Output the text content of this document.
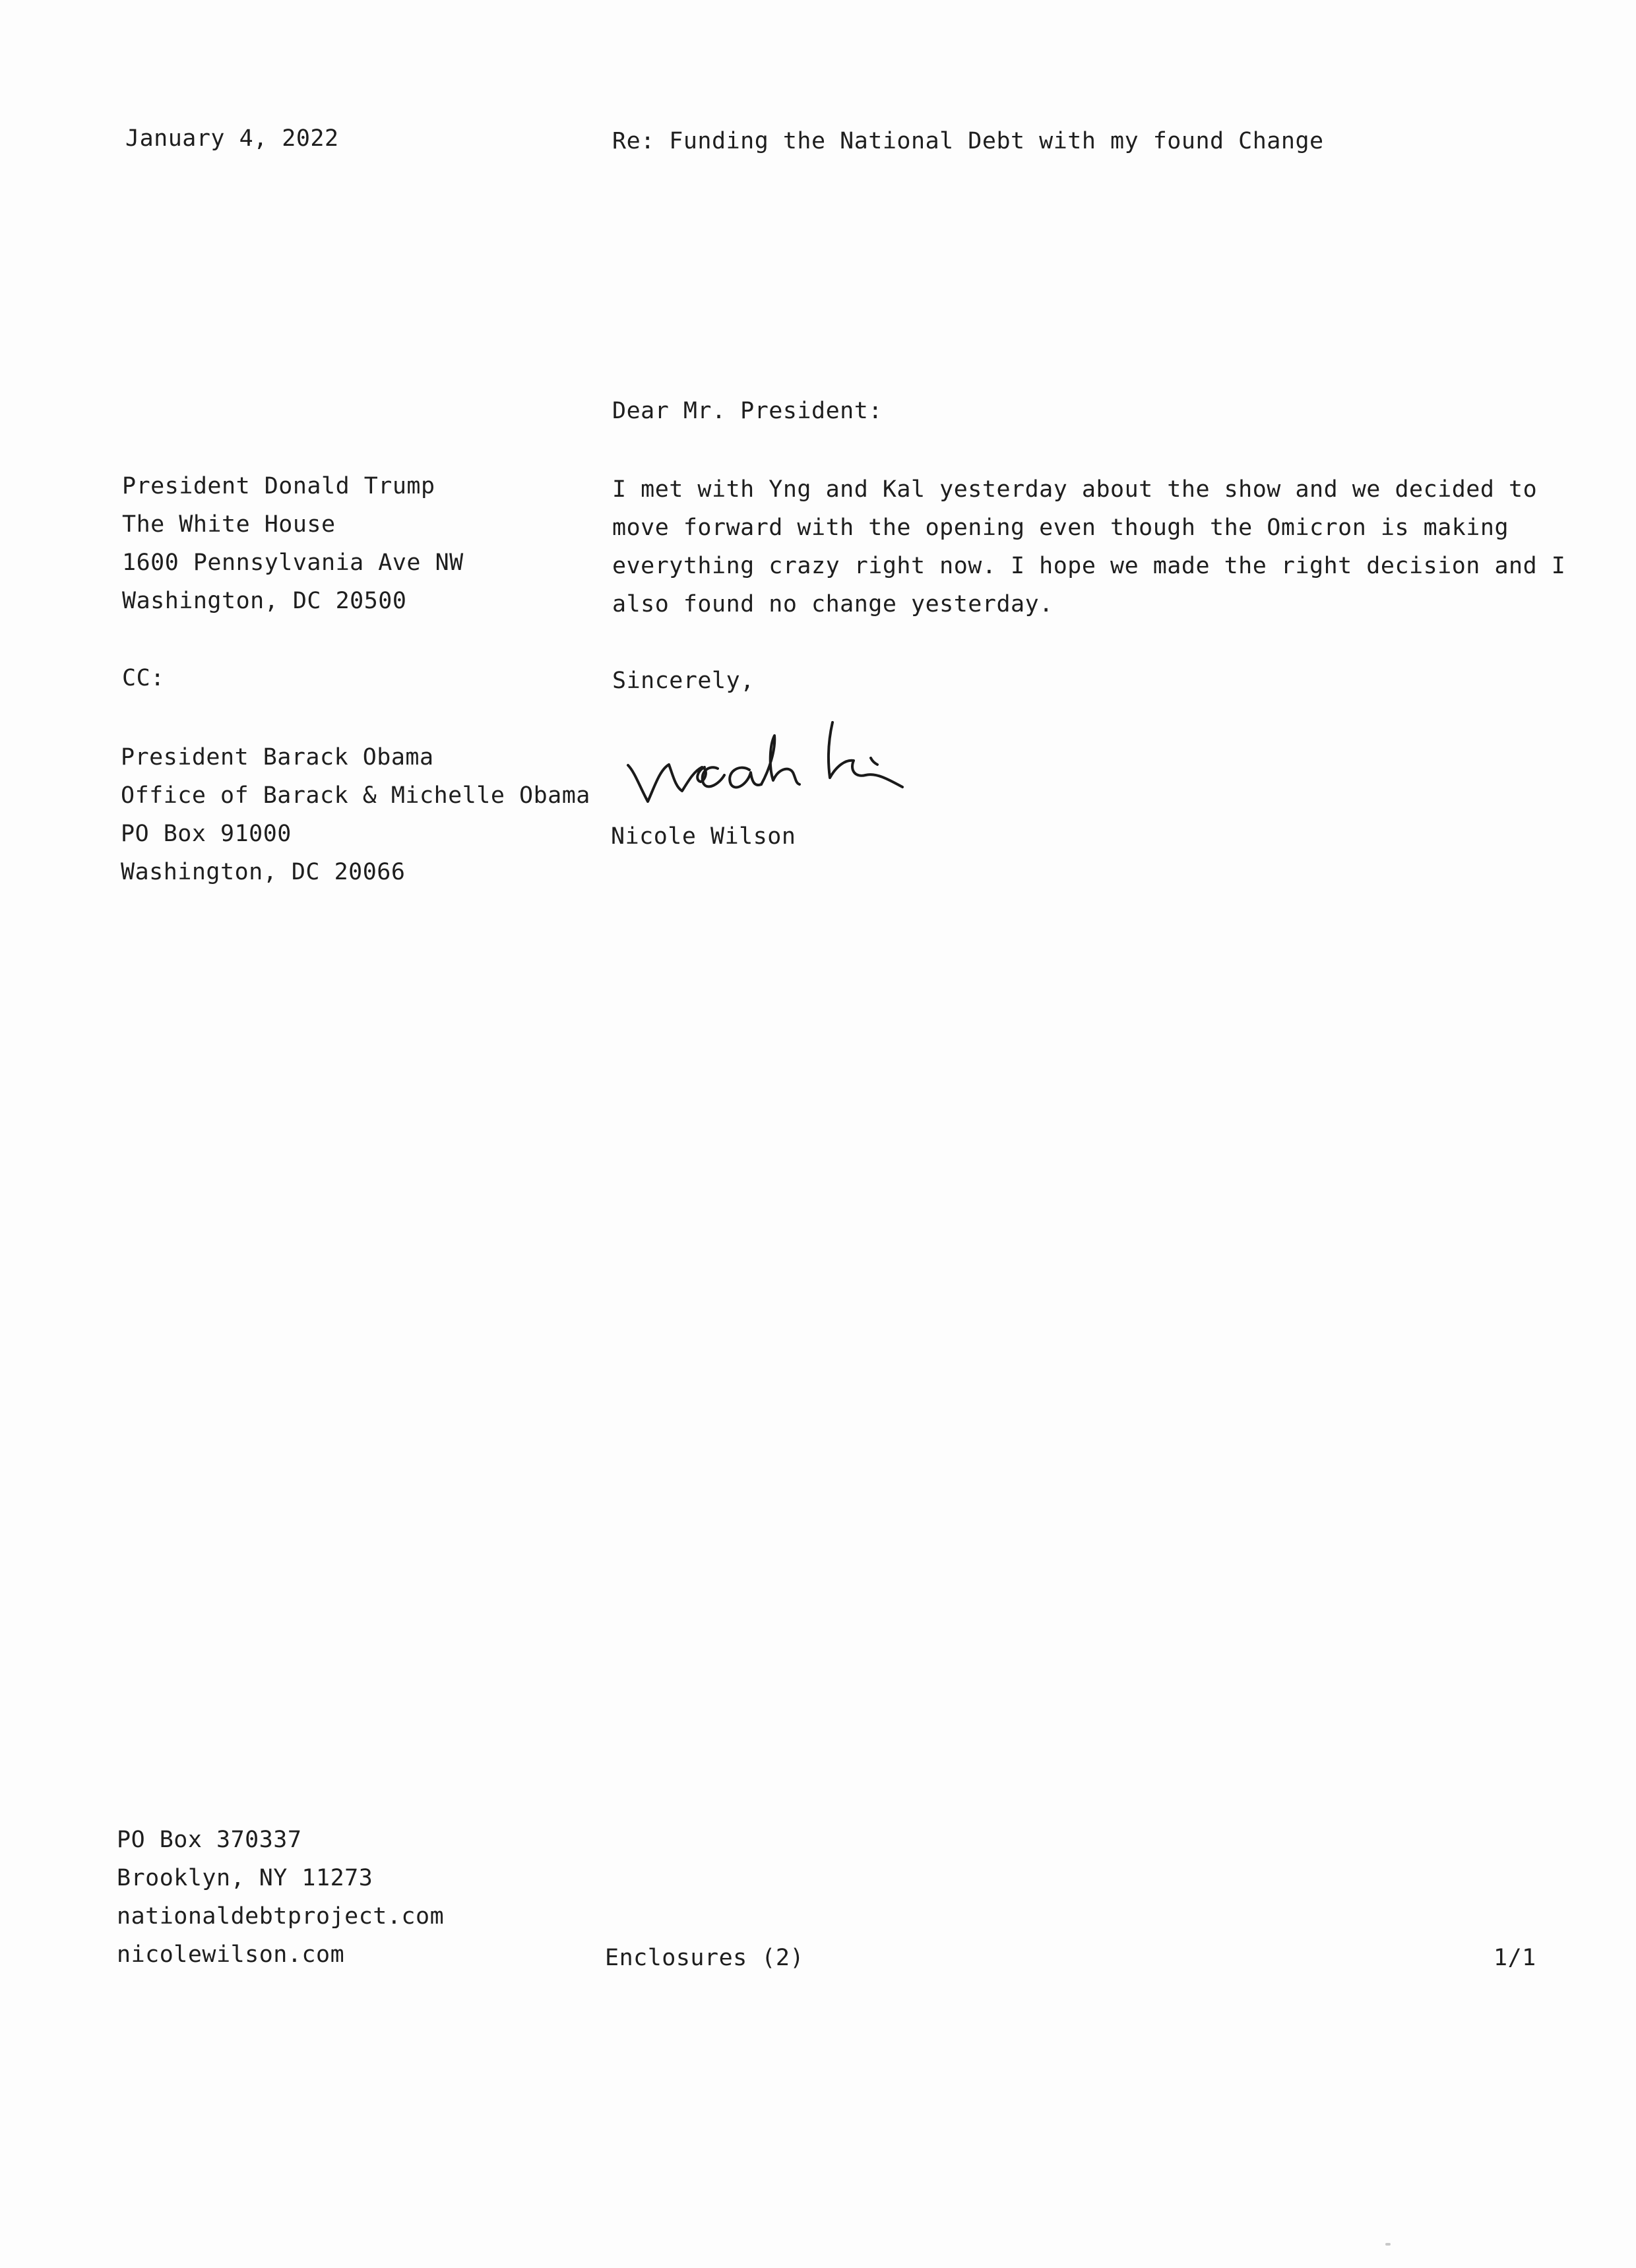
January 4, 2022	Re: Funding the National Debt with my found Change
Dear Mr. President:
President Donald Trump
The White House
1600 Pennsylvania Ave NW
Washington, DC 20500
I met with Yng and Kal yesterday about the show and we decided to
move forward with the opening even though the Omicron is making
everything crazy right now. I hope we made the right decision and I
also found no change yesterday.
CC:	Sincerely,
President Barack Obama
Office of Barack & Michelle Obama
PO Box 91000
Washington, DC 20066
Nicole Wilson
PO Box 370337
Brooklyn, NY 11273
nationaldebtproject.com
nicolewilson.com	Enclosures (2)	1/1
